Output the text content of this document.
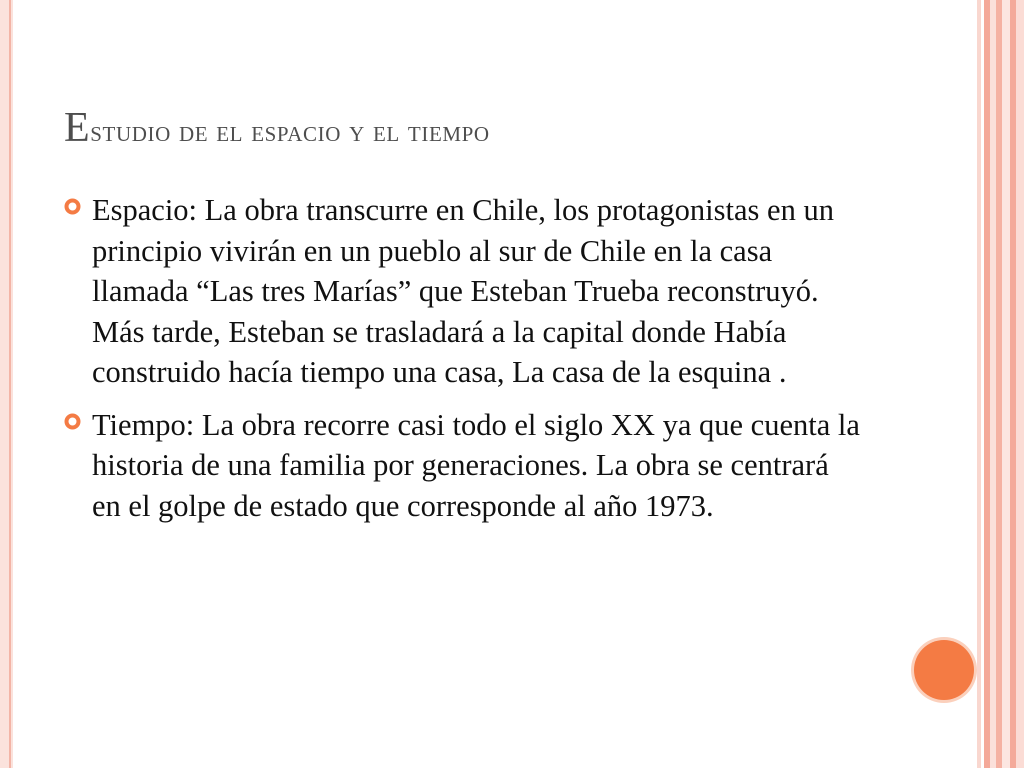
Estudio de el espacio y el tiempo
Espacio: La obra transcurre en Chile, los protagonistas en un principio vivirán en un pueblo al sur de Chile en la casa llamada “Las tres Marías” que Esteban Trueba reconstruyó. Más tarde, Esteban se trasladará a la capital donde Había construido hacía tiempo una casa, La casa de la esquina .
Tiempo: La obra recorre casi todo el siglo XX ya que cuenta la historia de una familia por generaciones. La obra se centrará en el golpe de estado que corresponde al año 1973.
